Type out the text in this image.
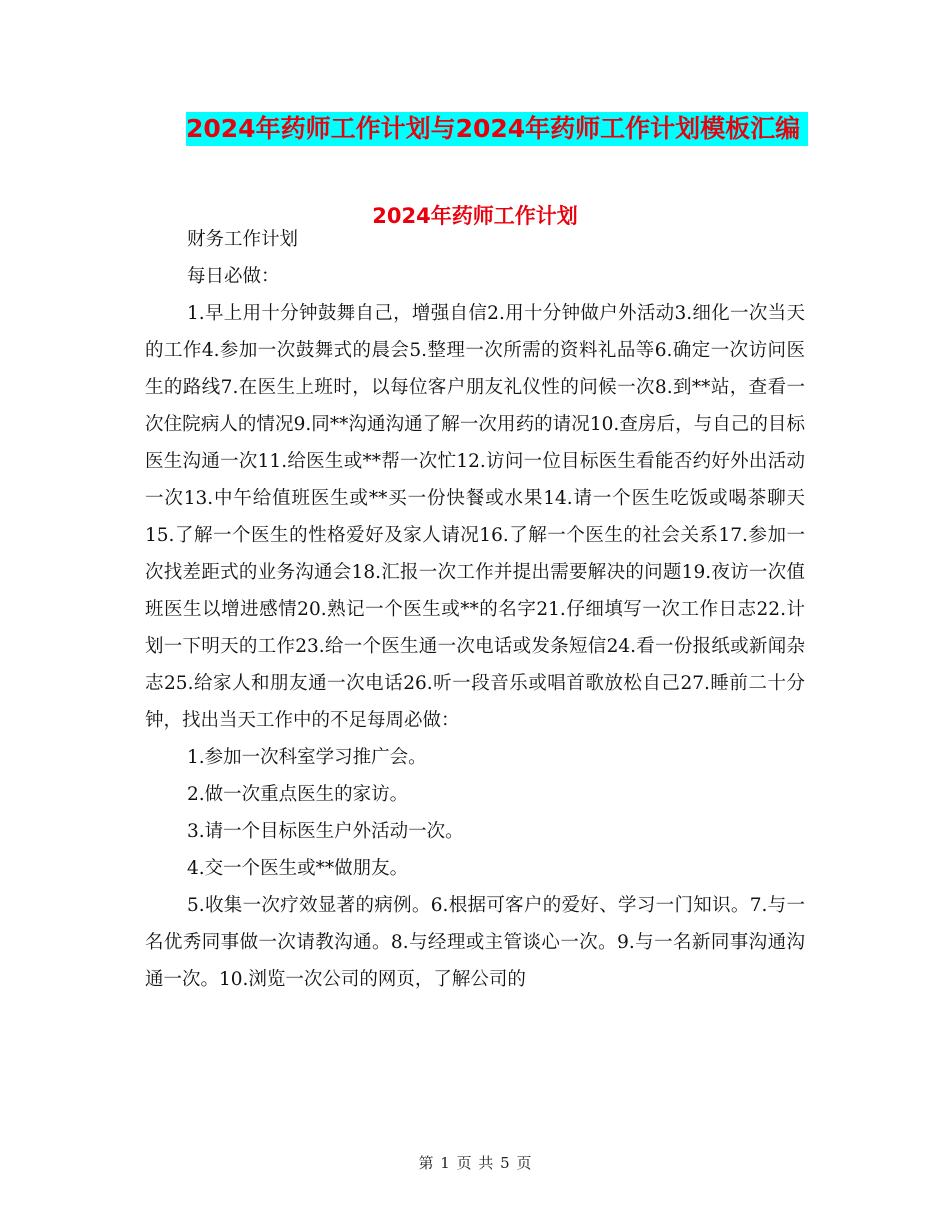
2024年药师工作计划与2024年药师工作计划模板汇编
2024年药师工作计划

财务工作计划

每日必做：

1.早上用十分钟鼓舞自己，增强自信2.用十分钟做户外活动3.细化一次当天的工作4.参加一次鼓舞式的晨会5.整理一次所需的资料礼品等6.确定一次访问医生的路线7.在医生上班时，以每位客户朋友礼仪性的问候一次8.到**站，查看一次住院病人的情况9.同**沟通沟通了解一次用药的请况10.查房后，与自己的目标医生沟通一次11.给医生或**帮一次忙12.访问一位目标医生看能否约好外出活动一次13.中午给值班医生或**买一份快餐或水果14.请一个医生吃饭或喝茶聊天15.了解一个医生的性格爱好及家人请况16.了解一个医生的社会关系17.参加一次找差距式的业务沟通会18.汇报一次工作并提出需要解决的问题19.夜访一次值班医生以增进感情20.熟记一个医生或**的名字21.仔细填写一次工作日志22.计划一下明天的工作23.给一个医生通一次电话或发条短信24.看一份报纸或新闻杂志25.给家人和朋友通一次电话26.听一段音乐或唱首歌放松自己27.睡前二十分钟，找出当天工作中的不足每周必做：

1.参加一次科室学习推广会。

2.做一次重点医生的家访。

3.请一个目标医生户外活动一次。

4.交一个医生或**做朋友。

5.收集一次疗效显著的病例。6.根据可客户的爱好、学习一门知识。7.与一名优秀同事做一次请教沟通。8.与经理或主管谈心一次。9.与一名新同事沟通沟通一次。10.浏览一次公司的网页，了解公司的

第 1 页 共 5 页
